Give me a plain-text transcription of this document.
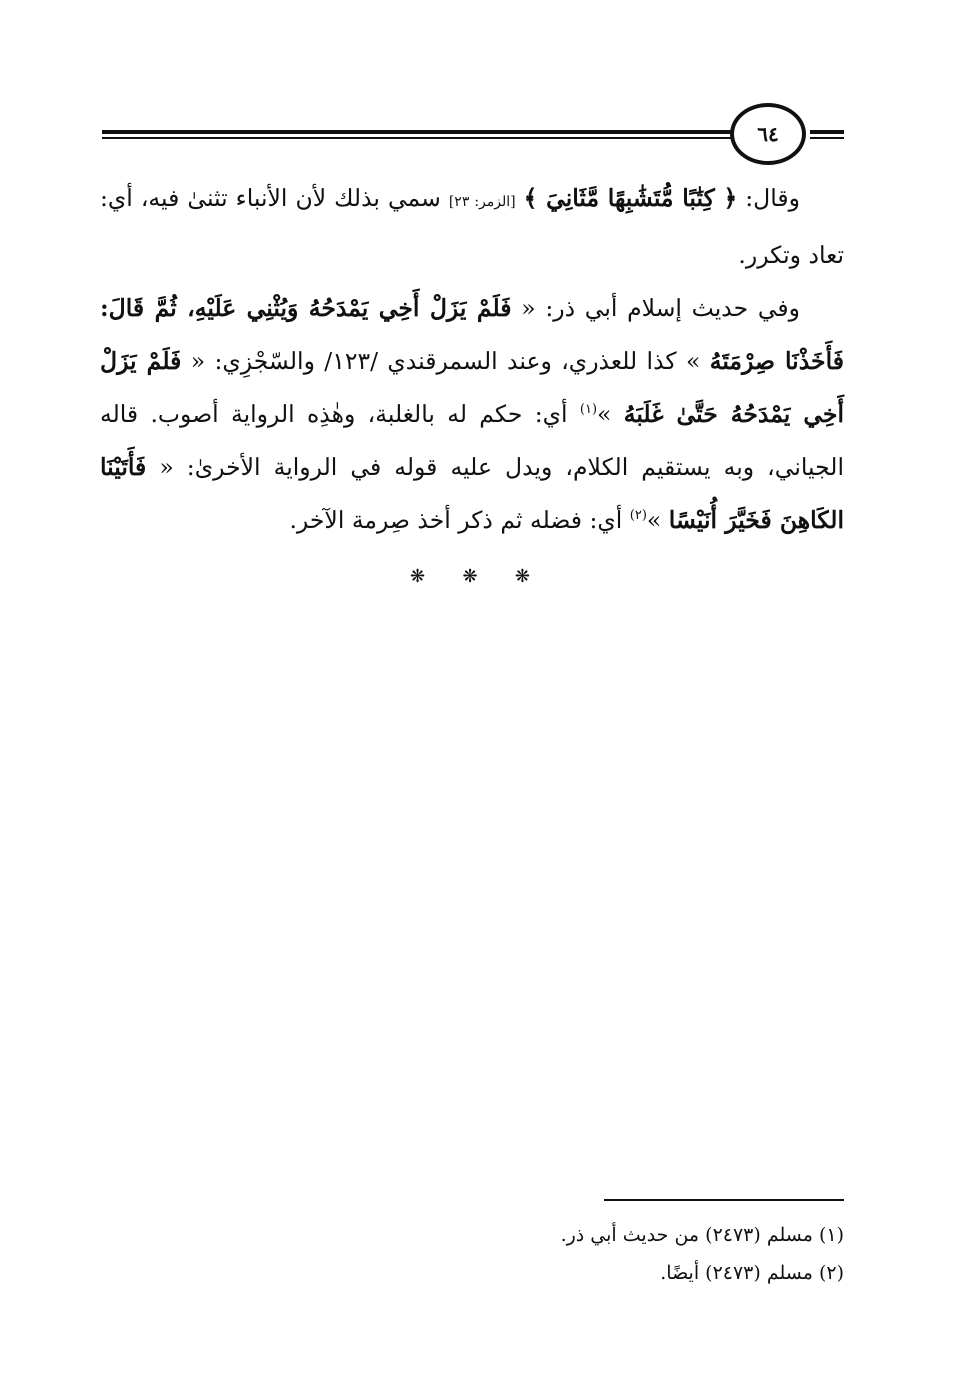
٦٤

وقال: ﴿ كِتَٰبًا مُّتَشَٰبِهًا مَّثَانِيَ ﴾ [الزمر: ٢٣] سمي بذلك لأن الأنباء تثنىٰ فيه، أي: تعاد وتكرر.

وفي حديث إسلام أبي ذر: « فَلَمْ يَزَلْ أَخِي يَمْدَحُهُ وَيُثْنِي عَلَيْهِ، ثُمَّ قَالَ: فَأَخَذْنَا صِرْمَتَهُ » كذا للعذري، وعند السمرقندي /١٢٣/ والسّجْزِي: « فَلَمْ يَزَلْ أَخِي يَمْدَحُهُ حَتَّىٰ غَلَبَهُ »$^{(١)}$ أي: حكم له بالغلبة، وهٰذِه الرواية أصوب. قاله الجياني، وبه يستقيم الكلام، ويدل عليه قوله في الرواية الأخرىٰ: « فَأَتَيْنَا الكَاهِنَ فَخَيَّرَ أُنَيْسًا »$^{(٢)}$ أي: فضله ثم ذكر أخذ صِرمة الآخر.

❋ ❋ ❋
(١) مسلم (٢٤٧٣) من حديث أبي ذر.
(٢) مسلم (٢٤٧٣) أيضًا.
